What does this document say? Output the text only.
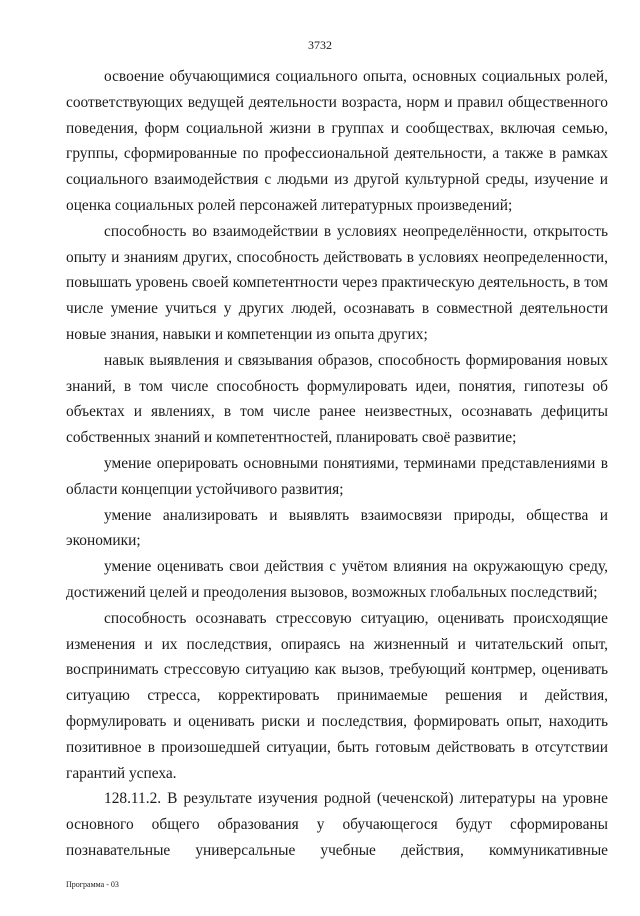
3732

освоение обучающимися социального опыта, основных социальных ролей, соответствующих ведущей деятельности возраста, норм и правил общественного поведения, форм социальной жизни в группах и сообществах, включая семью, группы, сформированные по профессиональной деятельности, а также в рамках социального взаимодействия с людьми из другой культурной среды, изучение и оценка социальных ролей персонажей литературных произведений;

способность во взаимодействии в условиях неопределённости, открытость опыту и знаниям других, способность действовать в условиях неопределенности, повышать уровень своей компетентности через практическую деятельность, в том числе умение учиться у других людей, осознавать в совместной деятельности новые знания, навыки и компетенции из опыта других;

навык выявления и связывания образов, способность формирования новых знаний, в том числе способность формулировать идеи, понятия, гипотезы об объектах и явлениях, в том числе ранее неизвестных, осознавать дефициты собственных знаний и компетентностей, планировать своё развитие;

умение оперировать основными понятиями, терминами представлениями в области концепции устойчивого развития;

умение анализировать и выявлять взаимосвязи природы, общества и экономики;

умение оценивать свои действия с учётом влияния на окружающую среду, достижений целей и преодоления вызовов, возможных глобальных последствий;

способность осознавать стрессовую ситуацию, оценивать происходящие изменения и их последствия, опираясь на жизненный и читательский опыт, воспринимать стрессовую ситуацию как вызов, требующий контрмер, оценивать ситуацию стресса, корректировать принимаемые решения и действия, формулировать и оценивать риски и последствия, формировать опыт, находить позитивное в произошедшей ситуации, быть готовым действовать в отсутствии гарантий успеха.

128.11.2. В результате изучения родной (чеченской) литературы на уровне основного общего образования у обучающегося будут сформированы познавательные универсальные учебные действия, коммуникативные

Программа - 03
